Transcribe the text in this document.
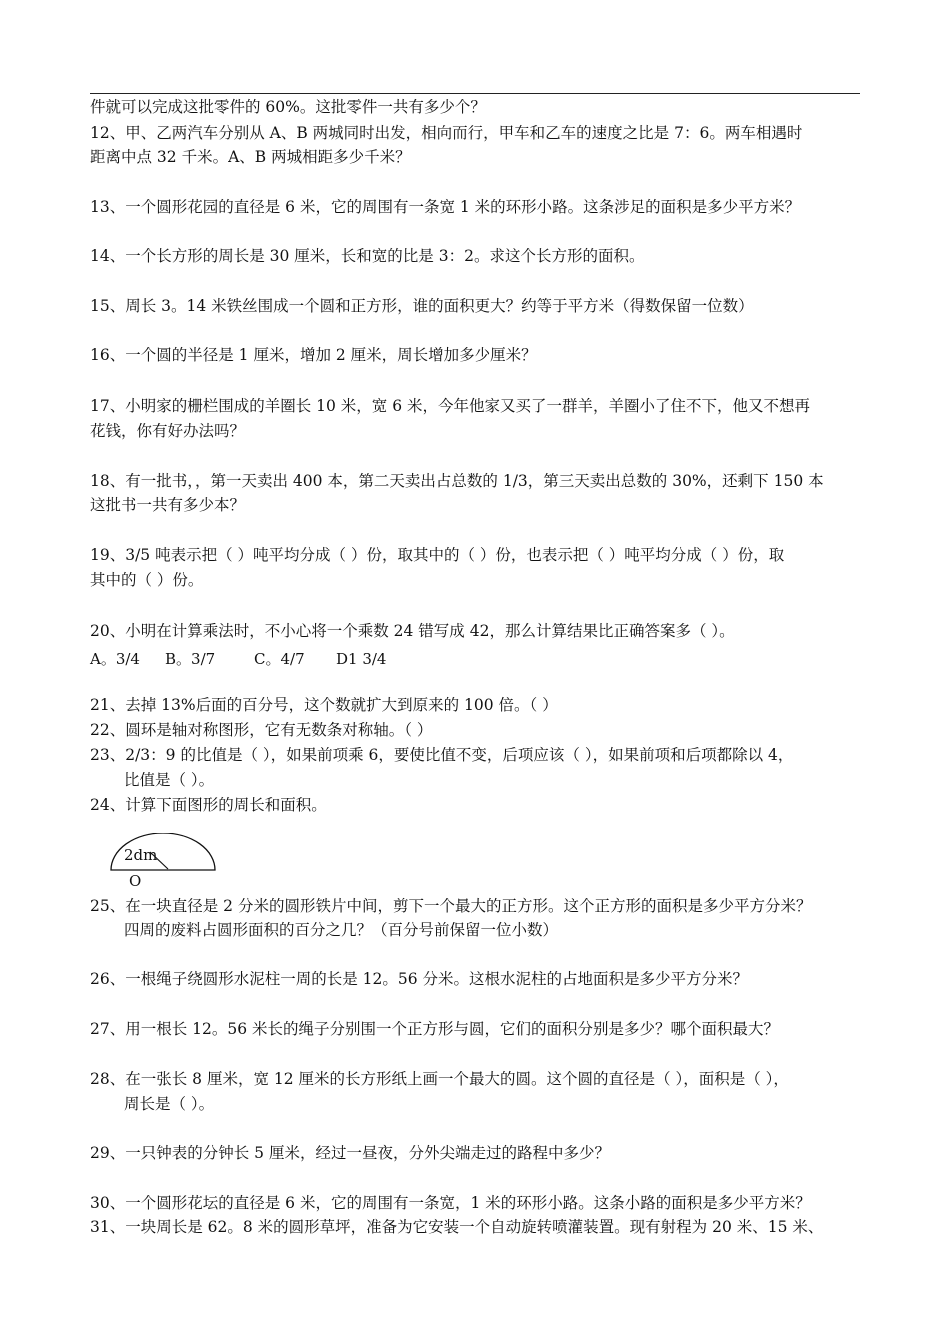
件就可以完成这批零件的 60%。这批零件一共有多少个？
12、甲、乙两汽车分别从 A、B 两城同时出发，相向而行，甲车和乙车的速度之比是 7：6。两车相遇时
距离中点 32 千米。A、B 两城相距多少千米？
13、一个圆形花园的直径是 6 米，它的周围有一条宽 1 米的环形小路。这条涉足的面积是多少平方米？
14、一个长方形的周长是 30 厘米，长和宽的比是 3：2。求这个长方形的面积。
15、周长 3。14 米铁丝围成一个圆和正方形，谁的面积更大？约等于平方米（得数保留一位数）
16、一个圆的半径是 1 厘米，增加 2 厘米，周长增加多少厘米？
17、小明家的栅栏围成的羊圈长 10 米，宽 6 米，今年他家又买了一群羊，羊圈小了住不下，他又不想再
花钱，你有好办法吗？
18、有一批书，，第一天卖出 400 本，第二天卖出占总数的 1/3，第三天卖出总数的 30%，还剩下 150 本
这批书一共有多少本？
19、3/5 吨表示把（ ）吨平均分成（ ）份，取其中的（ ）份，也表示把（ ）吨平均分成（ ）份，取
其中的（ ）份。
20、小明在计算乘法时，不小心将一个乘数 24 错写成 42，那么计算结果比正确答案多（ ）。
A。3/4 B。3/7	C。4/7 D1 3/4
21、去掉 13%后面的百分号，这个数就扩大到原来的 100 倍。（ ）
22、圆环是轴对称图形，它有无数条对称轴。（ ）
23、2/3：9 的比值是（ ），如果前项乘 6，要使比值不变，后项应该（ ），如果前项和后项都除以 4，
比值是（ ）。
24、计算下面图形的周长和面积。
2dm
O
25、在一块直径是 2 分米的圆形铁片中间，剪下一个最大的正方形。这个正方形的面积是多少平方分米？
四周的废料占圆形面积的百分之几？（百分号前保留一位小数）
26、一根绳子绕圆形水泥柱一周的长是 12。56 分米。这根水泥柱的占地面积是多少平方分米？
27、用一根长 12。56 米长的绳子分别围一个正方形与圆，它们的面积分别是多少？哪个面积最大？
28、在一张长 8 厘米，宽 12 厘米的长方形纸上画一个最大的圆。这个圆的直径是（ ），面积是（ ），
周长是（ ）。
29、一只钟表的分钟长 5 厘米，经过一昼夜，分外尖端走过的路程中多少？
30、一个圆形花坛的直径是 6 米，它的周围有一条宽，1 米的环形小路。这条小路的面积是多少平方米？
31、一块周长是 62。8 米的圆形草坪，准备为它安装一个自动旋转喷灌装置。现有射程为 20 米、15 米、
